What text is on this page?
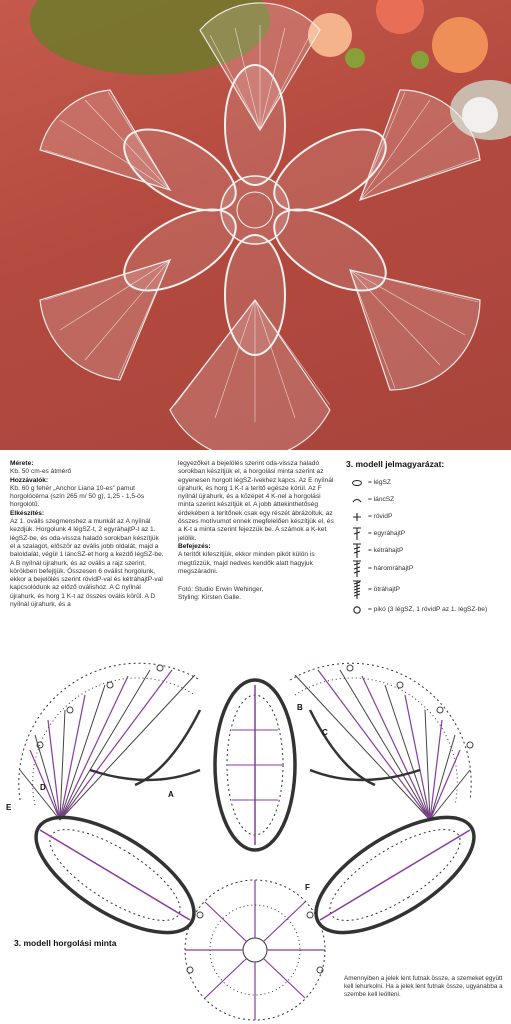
Mérete:

Kb. 50 cm-es átmérő

Hozzávalók:

Kb. 60 g fehér „Anchor Liana 10-es” pamut horgolócérna (szín 265 m/ 50 g), 1,25 - 1,5-ös horgolótű.

Elkészítés:

Az 1. oválls szegmenshez a munkát az A nyílnál kezdjük. Horgolunk 4 légSZ-t, 2 egyráhajtP-t az 1. légSZ-be, és oda-vissza haladó sorokban készítjük el a szalagot, először az ovális jobb oldalát, majd a baloldalát, végül 1 láncSZ-et horg a kezdő légSZ-be. A B nyílnál újrahurk, és az ovális a rajz szerint, körökben befejtjük. Összesen 6 oválist horgolunk, ekkor a bejelölés szerint rövidP-val és kétráhajtP-val kapcsolódunk az előző oválishoz. A C nyílnál újrahurk, és horg 1 K-t az összes ovális körül. A D nyílnál újrahurk, és a

legyezőket a bejelölés szerint oda-vissza haladó sorokban készítjük el, a horgolási minta szerint az egyenesen horgolt légSZ-ívekhez kapcs. Az E nyílnál újrahurk, és horg 1 K-t a terítő egésze körül. Az F nyílnál újrahurk, és a középet 4 K-nel a horgolási minta szerint készítjük el. A jobb áttekinthetőség érdekében a terítőnek csak egy részét ábrázoltuk, az összes motívumot ennek megfelelően készítjük el, és a K-t a minta szerint fejezzük be. A számok a K-ket jelölik.

Befejezés:

A terítőt kifeszítjük, ekkor minden pikót külön is megtűzzük, majd nedves kendők alatt hagyjuk megszáradni.

Fotó: Studio Erwin Wehinger,

Styling: Kirsten Galle.

3. modell jelmagyarázat:
= légSZ
= láncSZ
= rövidP
= egyráhajtP
= kétráhajtP
= háromráhajtP
= ötráhajtP
= pikó (3 légSZ, 1 rövidP az 1. légSZ-be)
A
B
C
D
E
F
3. modell horgolási minta
Amennyiben a jelek lent futnak össze, a szemeket együtt kell lehurkolni. Ha a jelek lent futnak össze, ugyanabba a szembe kell leölteni.
